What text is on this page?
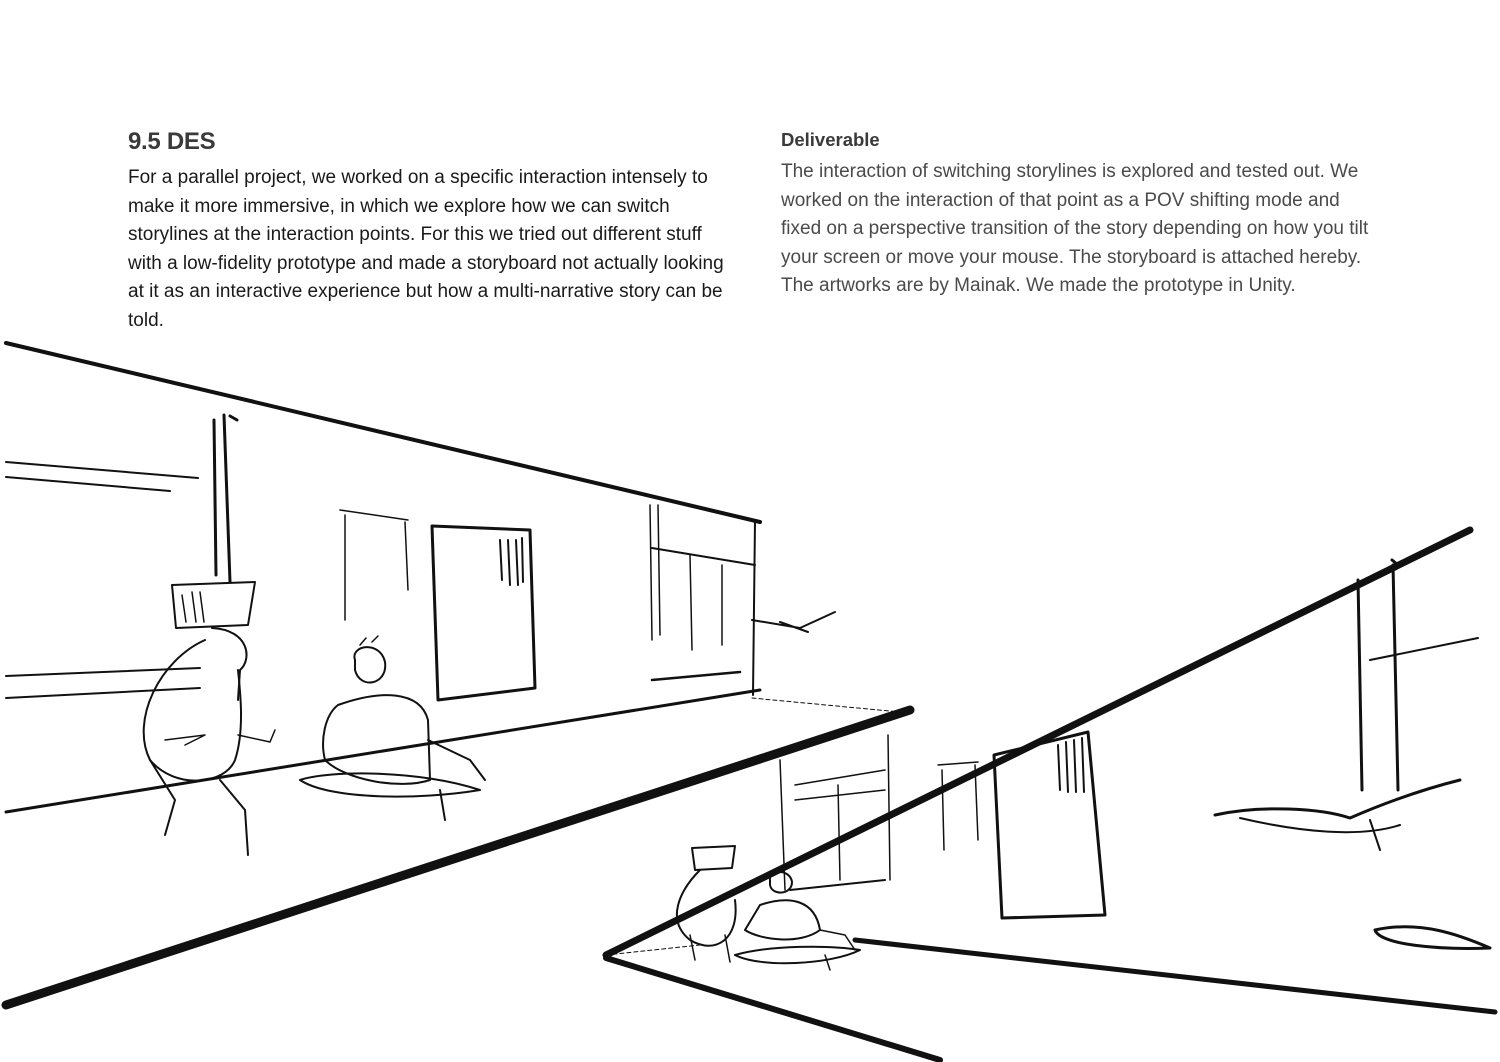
9.5 DES

For a parallel project, we worked on a specific interaction intensely to make it more immersive, in which we explore how we can switch storylines at the interaction points. For this we tried out different stuff with a low-fidelity prototype and made a storyboard not actually looking at it as an interactive experience but how a multi-narrative story can be told.

Deliverable

The interaction of switching storylines is explored and tested out. We worked on the interaction of that point as a POV shifting mode and fixed on a perspective transition of the story depending on how you tilt your screen or move your mouse. The storyboard is attached hereby. The artworks are by Mainak. We made the prototype in Unity.
